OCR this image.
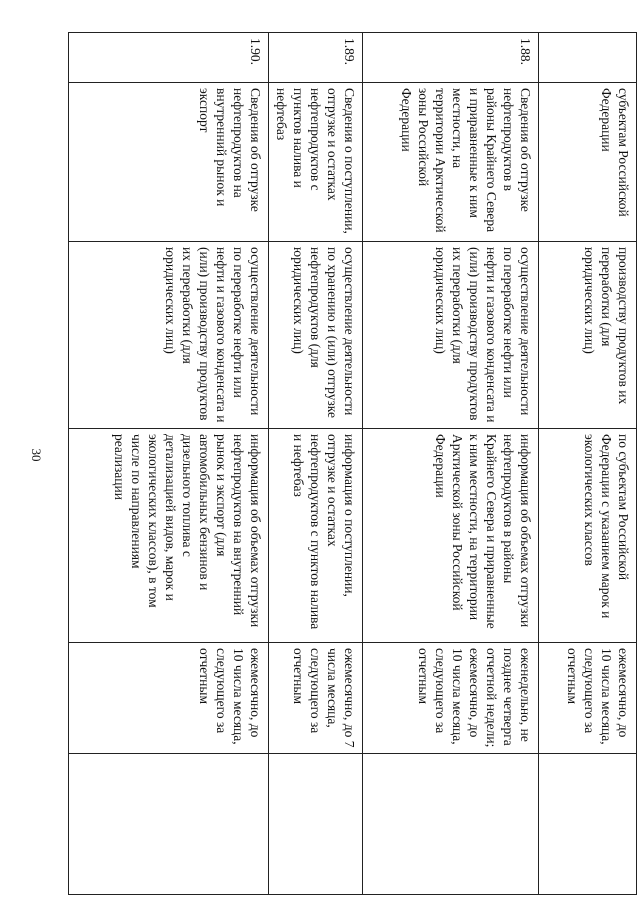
30
	субъектам Российской Федерации	производству продуктов их переработки (для юридических лиц)	по субъектам Российской Федерации с указанием марок и экологических классов	ежемесячно, до 10 числа месяца, следующего за отчетным	
1.88.	Сведения об отгрузке нефтепродуктов в районы Крайнего Севера и приравненные к ним местности, на территории Арктической зоны Российской Федерации	осуществление деятельности по переработке нефти или нефти и газового конденсата и (или) производству продуктов их переработки (для юридических лиц)	информация об объемах отгрузки нефтепродуктов в районы Крайнего Севера и приравненные к ним местности, на территории Арктической зоны Российской Федерации	еженедельно, не позднее четверга отчетной недели; ежемесячно, до 10 числа месяца, следующего за отчетным	
1.89.	Сведения о поступлении, отгрузке и остатках нефтепродуктов с пунктов налива и нефтебаз	осуществление деятельности по хранению и (или) отгрузке нефтепродуктов (для юридических лиц)	информация о поступлении, отгрузке и остатках нефтепродуктов с пунктов налива и нефтебаз	ежемесячно, до 7 числа месяца, следующего за отчетным	
1.90.	Сведения об отгрузке нефтепродуктов на внутренний рынок и экспорт	осуществление деятельности по переработке нефти или нефти и газового конденсата и (или) производству продуктов их переработки (для юридических лиц)	информация об объемах отгрузки нефтепродуктов на внутренний рынок и экспорт (для автомобильных бензинов и дизельного топлива с детализацией видов, марок и экологических классов), в том числе по направлениям реализации	ежемесячно, до 10 числа месяца, следующего за отчетным	
